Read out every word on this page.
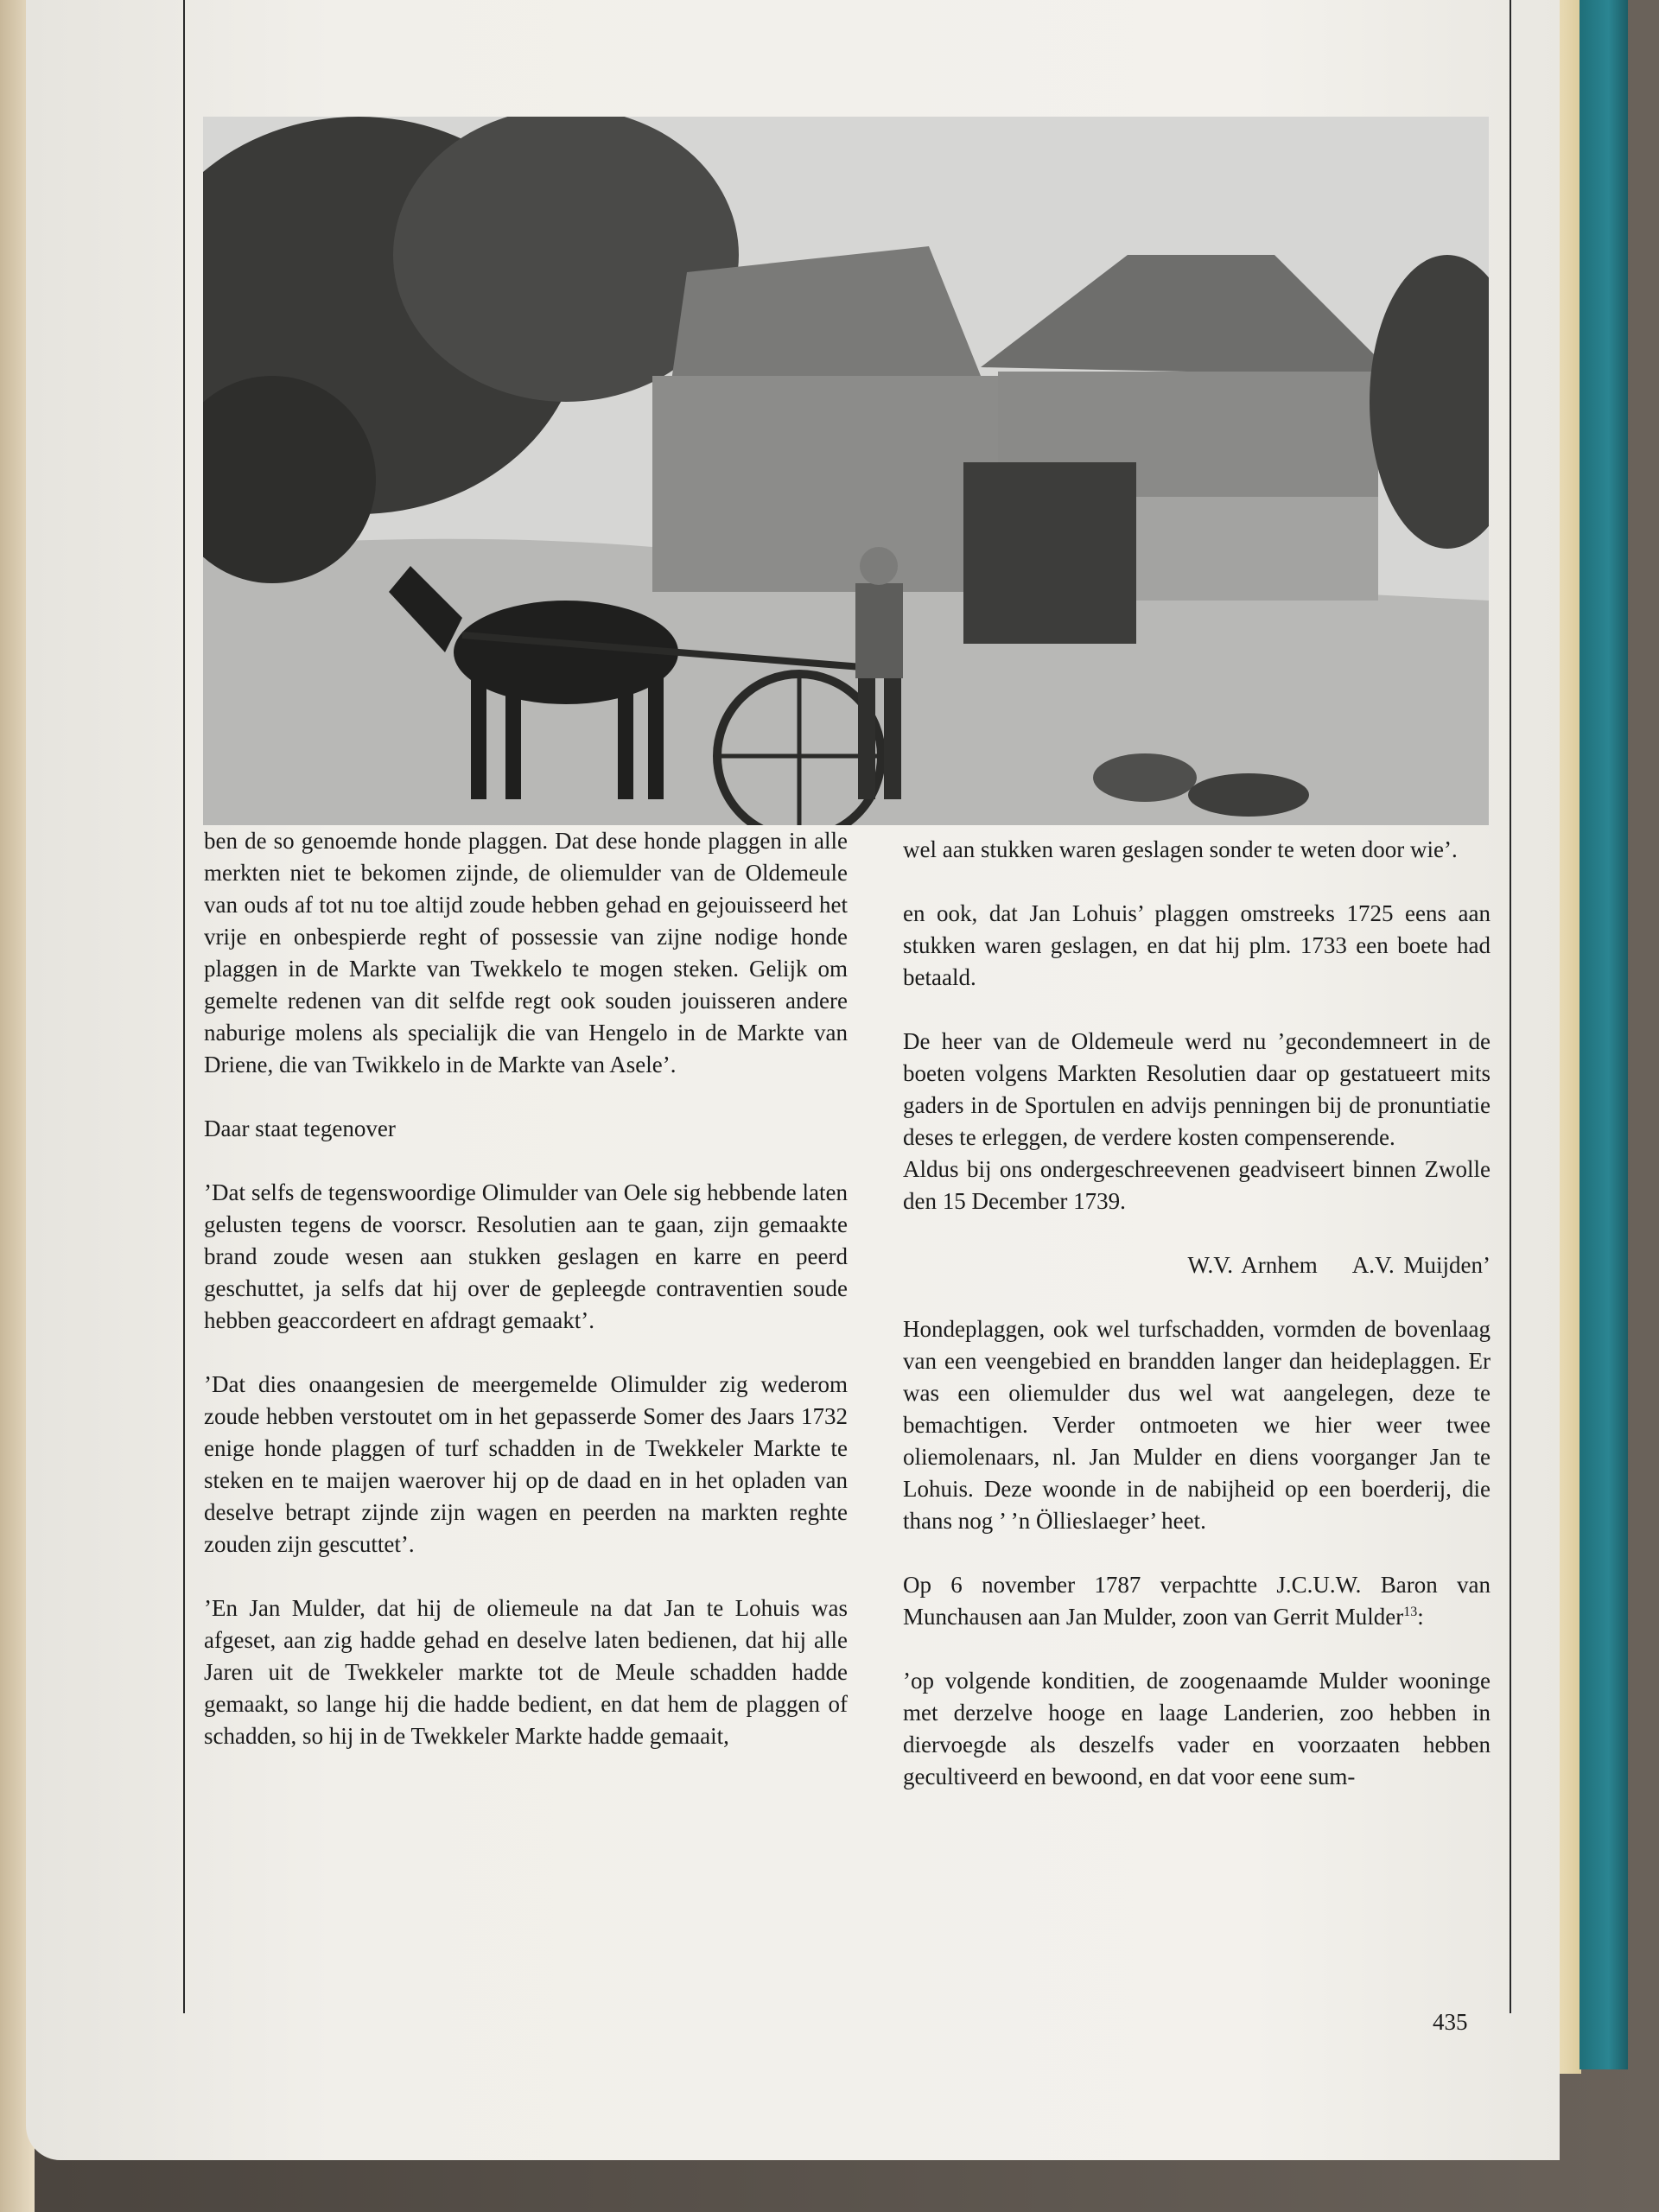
ben de so genoemde honde plaggen. Dat dese honde plaggen in alle merkten niet te bekomen zijnde, de oliemulder van de Oldemeule van ouds af tot nu toe altijd zoude hebben gehad en gejouisseerd het vrije en onbespierde reght of possessie van zijne nodige honde plaggen in de Markte van Twekkelo te mogen steken. Gelijk om gemelte redenen van dit selfde regt ook souden jouisseren andere naburige molens als specialijk die van Hengelo in de Markte van Driene, die van Twikkelo in de Markte van Asele’.

Daar staat tegenover

’Dat selfs de tegenswoordige Olimulder van Oele sig hebbende laten gelusten tegens de voorscr. Resolutien aan te gaan, zijn gemaakte brand zoude wesen aan stukken geslagen en karre en peerd geschuttet, ja selfs dat hij over de gepleegde contraventien soude hebben geaccordeert en afdragt gemaakt’.

’Dat dies onaangesien de meergemelde Olimulder zig wederom zoude hebben verstoutet om in het gepasserde Somer des Jaars 1732 enige honde plaggen of turf schadden in de Twekkeler Markte te steken en te maijen waerover hij op de daad en in het opladen van deselve betrapt zijnde zijn wagen en peerden na markten reghte zouden zijn gescuttet’.

’En Jan Mulder, dat hij de oliemeule na dat Jan te Lohuis was afgeset, aan zig hadde gehad en deselve laten bedienen, dat hij alle Jaren uit de Twekkeler markte tot de Meule schadden hadde gemaakt, so lange hij die hadde bedient, en dat hem de plaggen of schadden, so hij in de Twekkeler Markte hadde gemaait,

wel aan stukken waren geslagen sonder te weten door wie’.

en ook, dat Jan Lohuis’ plaggen omstreeks 1725 eens aan stukken waren geslagen, en dat hij plm. 1733 een boete had betaald.

De heer van de Oldemeule werd nu ’gecondemneert in de boeten volgens Markten Resolutien daar op gestatueert mits gaders in de Sportulen en advijs penningen bij de pronuntiatie deses te erleggen, de verdere kosten compenserende.

Aldus bij ons ondergeschreevenen geadviseert binnen Zwolle den 15 December 1739.

W.V. Arnhem A.V. Muijden’

Hondeplaggen, ook wel turfschadden, vormden de bovenlaag van een veengebied en brandden langer dan heideplaggen. Er was een oliemulder dus wel wat aangelegen, deze te bemachtigen. Verder ontmoeten we hier weer twee oliemolenaars, nl. Jan Mulder en diens voorganger Jan te Lohuis. Deze woonde in de nabijheid op een boerderij, die thans nog ’ ’n Öllieslaeger’ heet.

Op 6 november 1787 verpachtte J.C.U.W. Baron van Munchausen aan Jan Mulder, zoon van Gerrit Mulder$^{13}$:

’op volgende konditien, de zoogenaamde Mulder wooninge met derzelve hooge en laage Landerien, zoo hebben in diervoegde als deszelfs vader en voorzaaten hebben gecultiveerd en bewoond, en dat voor eene sum-

435
